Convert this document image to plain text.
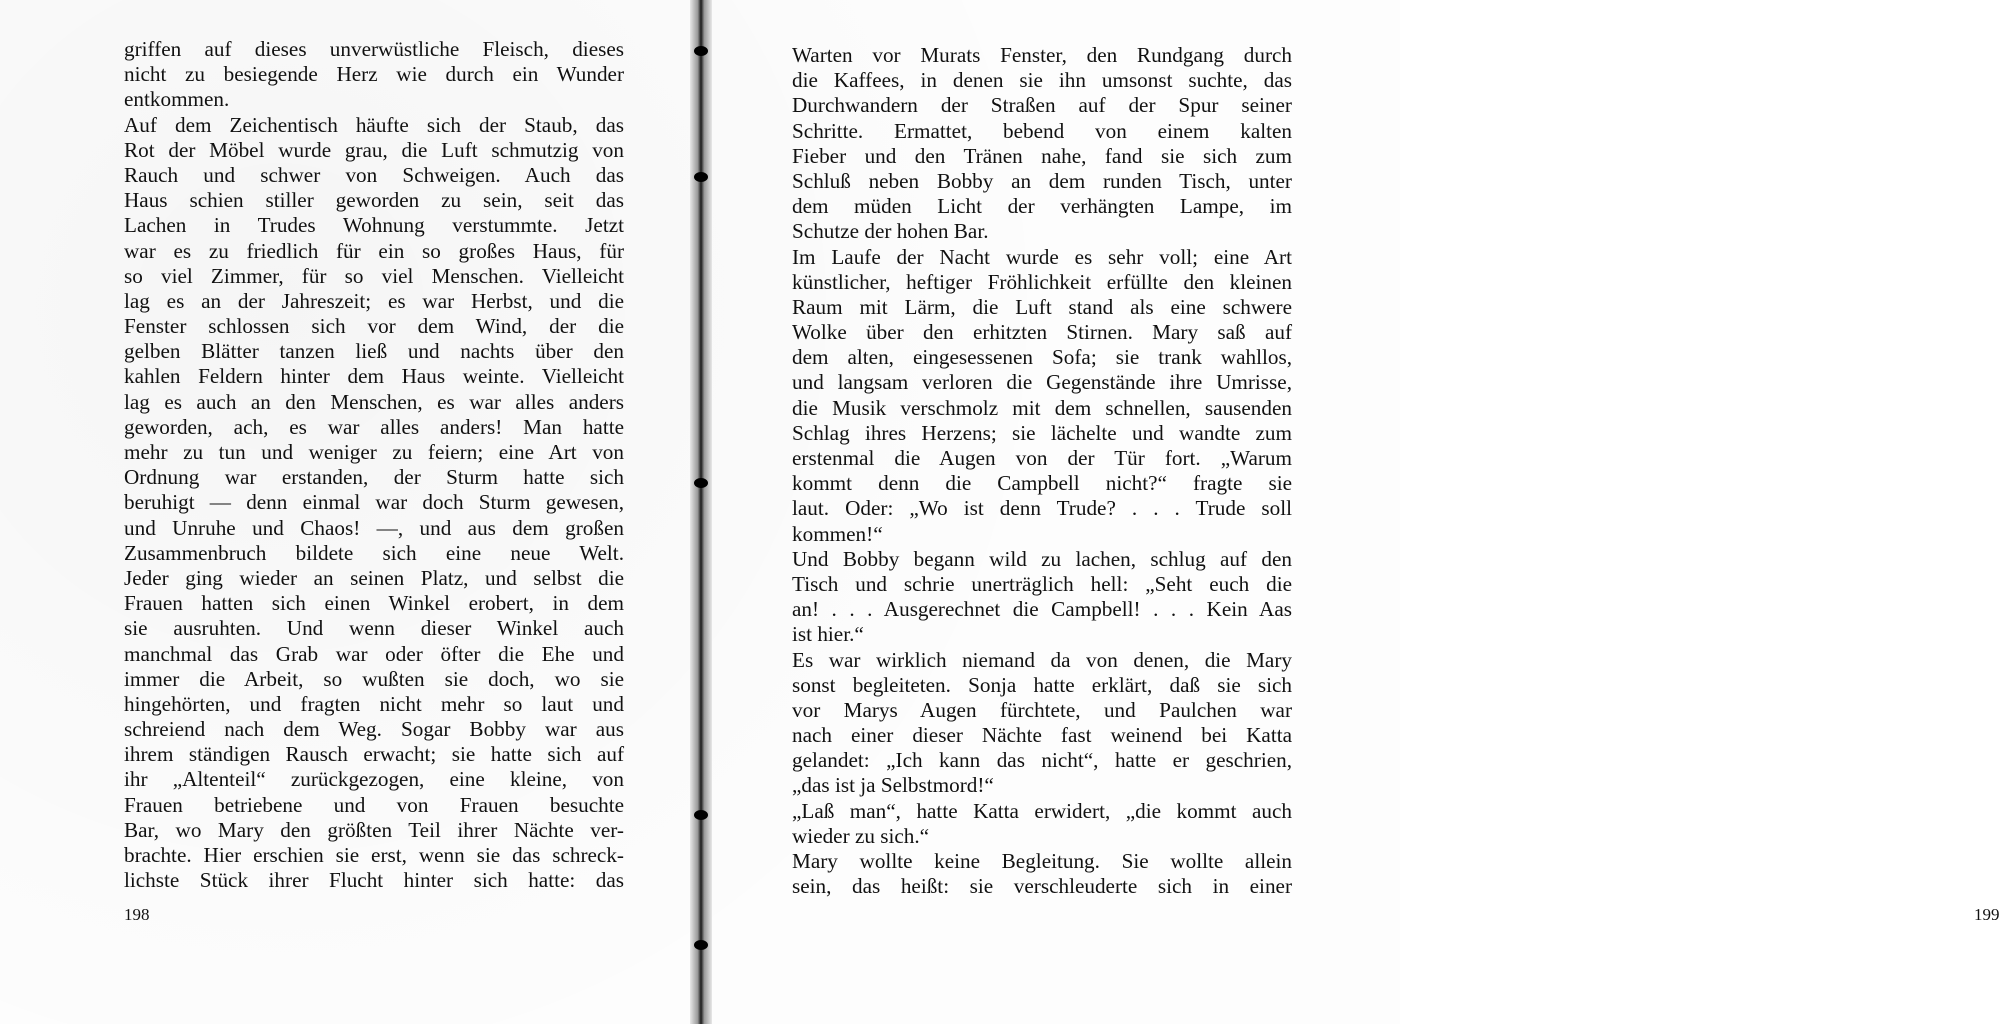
griffen auf dieses unverwüstliche Fleisch, dieses
nicht zu besiegende Herz wie durch ein Wunder
entkommen.
Auf dem Zeichentisch häufte sich der Staub, das
Rot der Möbel wurde grau, die Luft schmutzig von
Rauch und schwer von Schweigen. Auch das
Haus schien stiller geworden zu sein, seit das
Lachen in Trudes Wohnung verstummte. Jetzt
war es zu friedlich für ein so großes Haus, für
so viel Zimmer, für so viel Menschen. Vielleicht
lag es an der Jahreszeit; es war Herbst, und die
Fenster schlossen sich vor dem Wind, der die
gelben Blätter tanzen ließ und nachts über den
kahlen Feldern hinter dem Haus weinte. Vielleicht
lag es auch an den Menschen, es war alles anders
geworden, ach, es war alles anders! Man hatte
mehr zu tun und weniger zu feiern; eine Art von
Ordnung war erstanden, der Sturm hatte sich
beruhigt — denn einmal war doch Sturm gewesen,
und Unruhe und Chaos! —, und aus dem großen
Zusammenbruch bildete sich eine neue Welt.
Jeder ging wieder an seinen Platz, und selbst die
Frauen hatten sich einen Winkel erobert, in dem
sie ausruhten. Und wenn dieser Winkel auch
manchmal das Grab war oder öfter die Ehe und
immer die Arbeit, so wußten sie doch, wo sie
hingehörten, und fragten nicht mehr so laut und
schreiend nach dem Weg. Sogar Bobby war aus
ihrem ständigen Rausch erwacht; sie hatte sich auf
ihr „Altenteil“ zurückgezogen, eine kleine, von
Frauen betriebene und von Frauen besuchte
Bar, wo Mary den größten Teil ihrer Nächte ver-
brachte. Hier erschien sie erst, wenn sie das schreck-
lichste Stück ihrer Flucht hinter sich hatte: das
198	199
Warten vor Murats Fenster, den Rundgang durch
die Kaffees, in denen sie ihn umsonst suchte, das
Durchwandern der Straßen auf der Spur seiner
Schritte. Ermattet, bebend von einem kalten
Fieber und den Tränen nahe, fand sie sich zum
Schluß neben Bobby an dem runden Tisch, unter
dem müden Licht der verhängten Lampe, im
Schutze der hohen Bar.
Im Laufe der Nacht wurde es sehr voll; eine Art
künstlicher, heftiger Fröhlichkeit erfüllte den kleinen
Raum mit Lärm, die Luft stand als eine schwere
Wolke über den erhitzten Stirnen. Mary saß auf
dem alten, eingesessenen Sofa; sie trank wahllos,
und langsam verloren die Gegenstände ihre Umrisse,
die Musik verschmolz mit dem schnellen, sausenden
Schlag ihres Herzens; sie lächelte und wandte zum
erstenmal die Augen von der Tür fort. „Warum
kommt denn die Campbell nicht?“ fragte sie
laut. Oder: „Wo ist denn Trude? . . . Trude soll
kommen!“
Und Bobby begann wild zu lachen, schlug auf den
Tisch und schrie unerträglich hell: „Seht euch die
an! . . . Ausgerechnet die Campbell! . . . Kein Aas
ist hier.“
Es war wirklich niemand da von denen, die Mary
sonst begleiteten. Sonja hatte erklärt, daß sie sich
vor Marys Augen fürchtete, und Paulchen war
nach einer dieser Nächte fast weinend bei Katta
gelandet: „Ich kann das nicht“, hatte er geschrien,
„das ist ja Selbstmord!“
„Laß man“, hatte Katta erwidert, „die kommt auch
wieder zu sich.“
Mary wollte keine Begleitung. Sie wollte allein
sein, das heißt: sie verschleuderte sich in einer
